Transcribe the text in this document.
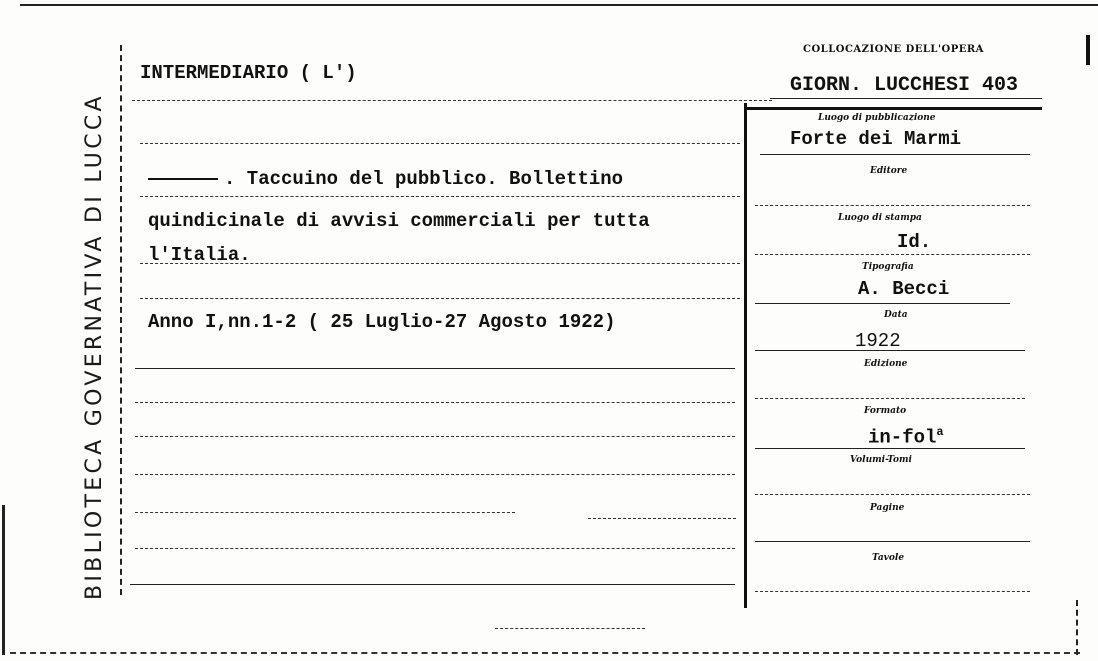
BIBLIOTECA GOVERNATIVA DI LUCCA
INTERMEDIARIO ( L')
COLLOCAZIONE DELL'OPERA
GIORN. LUCCHESI 403
. Taccuino del pubblico. Bollettino
quindicinale di avvisi commerciali per tutta
l'Italia.
Anno I,nn.1-2 ( 25 Luglio-27 Agosto 1922)
Luogo di pubblicazione
Forte dei Marmi
Editore
Luogo di stampa
Id.
Tipografia
A. Becci
Data
1922
Edizione
Formato
in-fol$^a$
Volumi-Tomi
Pagine
Tavole
